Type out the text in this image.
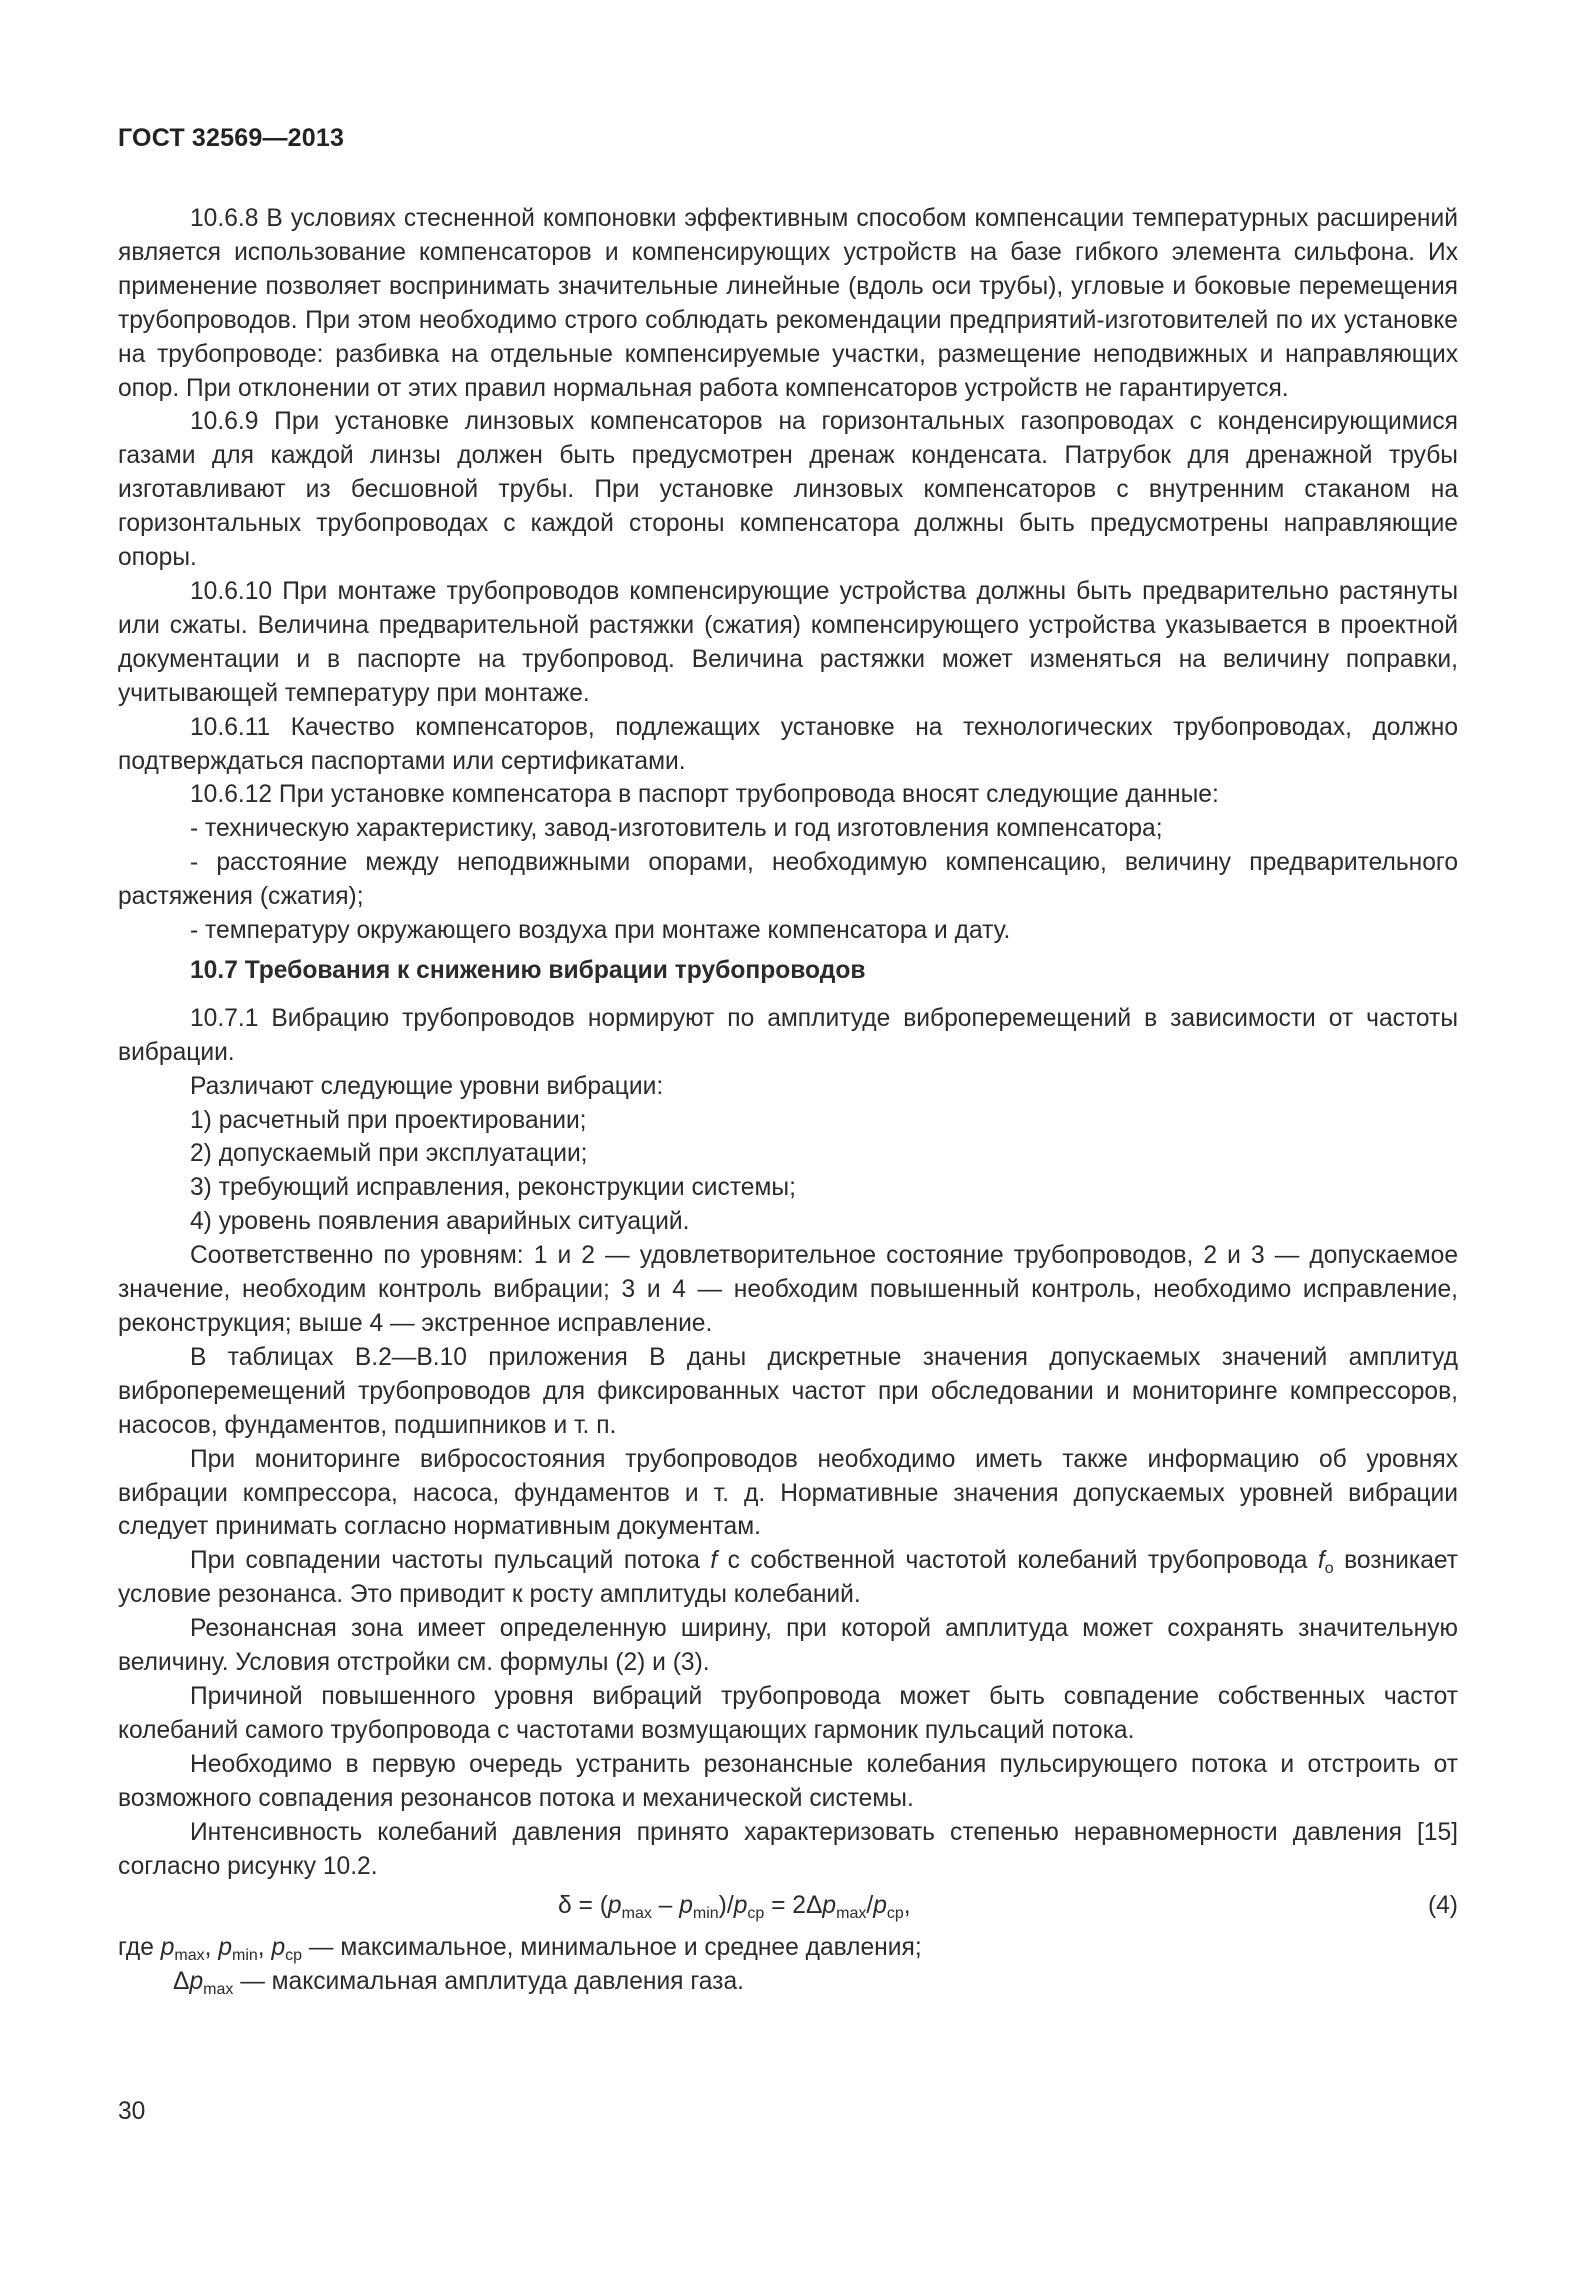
ГОСТ 32569—2013

10.6.8 В условиях стесненной компоновки эффективным способом компенсации температурных расширений является использование компенсаторов и компенсирующих устройств на базе гибкого элемента сильфона. Их применение позволяет воспринимать значительные линейные (вдоль оси трубы), угловые и боковые перемещения трубопроводов. При этом необходимо строго соблюдать рекомендации предприятий-изготовителей по их установке на трубопроводе: разбивка на отдельные компенсируемые участки, размещение неподвижных и направляющих опор. При отклонении от этих правил нормальная работа компенсаторов устройств не гарантируется.

10.6.9 При установке линзовых компенсаторов на горизонтальных газопроводах с конденсирующимися газами для каждой линзы должен быть предусмотрен дренаж конденсата. Патрубок для дренажной трубы изготавливают из бесшовной трубы. При установке линзовых компенсаторов с внутренним стаканом на горизонтальных трубопроводах с каждой стороны компенсатора должны быть предусмотрены направляющие опоры.

10.6.10 При монтаже трубопроводов компенсирующие устройства должны быть предварительно растянуты или сжаты. Величина предварительной растяжки (сжатия) компенсирующего устройства указывается в проектной документации и в паспорте на трубопровод. Величина растяжки может изменяться на величину поправки, учитывающей температуру при монтаже.

10.6.11 Качество компенсаторов, подлежащих установке на технологических трубопроводах, должно подтверждаться паспортами или сертификатами.

10.6.12 При установке компенсатора в паспорт трубопровода вносят следующие данные:

- техническую характеристику, завод-изготовитель и год изготовления компенсатора;

- расстояние между неподвижными опорами, необходимую компенсацию, величину предварительного растяжения (сжатия);

- температуру окружающего воздуха при монтаже компенсатора и дату.

10.7 Требования к снижению вибрации трубопроводов

10.7.1 Вибрацию трубопроводов нормируют по амплитуде виброперемещений в зависимости от частоты вибрации.

Различают следующие уровни вибрации:

1) расчетный при проектировании;

2) допускаемый при эксплуатации;

3) требующий исправления, реконструкции системы;

4) уровень появления аварийных ситуаций.

Соответственно по уровням: 1 и 2 — удовлетворительное состояние трубопроводов, 2 и 3 — допускаемое значение, необходим контроль вибрации; 3 и 4 — необходим повышенный контроль, необходимо исправление, реконструкция; выше 4 — экстренное исправление.

В таблицах В.2—В.10 приложения В даны дискретные значения допускаемых значений амплитуд виброперемещений трубопроводов для фиксированных частот при обследовании и мониторинге компрессоров, насосов, фундаментов, подшипников и т. п.

При мониторинге вибросостояния трубопроводов необходимо иметь также информацию об уровнях вибрации компрессора, насоса, фундаментов и т. д. Нормативные значения допускаемых уровней вибрации следует принимать согласно нормативным документам.

При совпадении частоты пульсаций потока f с собственной частотой колебаний трубопровода $f_o$ возникает условие резонанса. Это приводит к росту амплитуды колебаний.

Резонансная зона имеет определенную ширину, при которой амплитуда может сохранять значительную величину. Условия отстройки см. формулы (2) и (3).

Причиной повышенного уровня вибраций трубопровода может быть совпадение собственных частот колебаний самого трубопровода с частотами возмущающих гармоник пульсаций потока.

Необходимо в первую очередь устранить резонансные колебания пульсирующего потока и отстроить от возможного совпадения резонансов потока и механической системы.

Интенсивность колебаний давления принято характеризовать степенью неравномерности давления [15] согласно рисунку 10.2.

$\delta = (p_{max} - p_{min})/p_{ср} = 2\Delta p_{max}/p_{ср}$,	(4)

где $p_{max}$, $p_{min}$, $p_{ср}$ — максимальное, минимальное и среднее давления;

$\Delta p_{max}$ — максимальная амплитуда давления газа.

30
